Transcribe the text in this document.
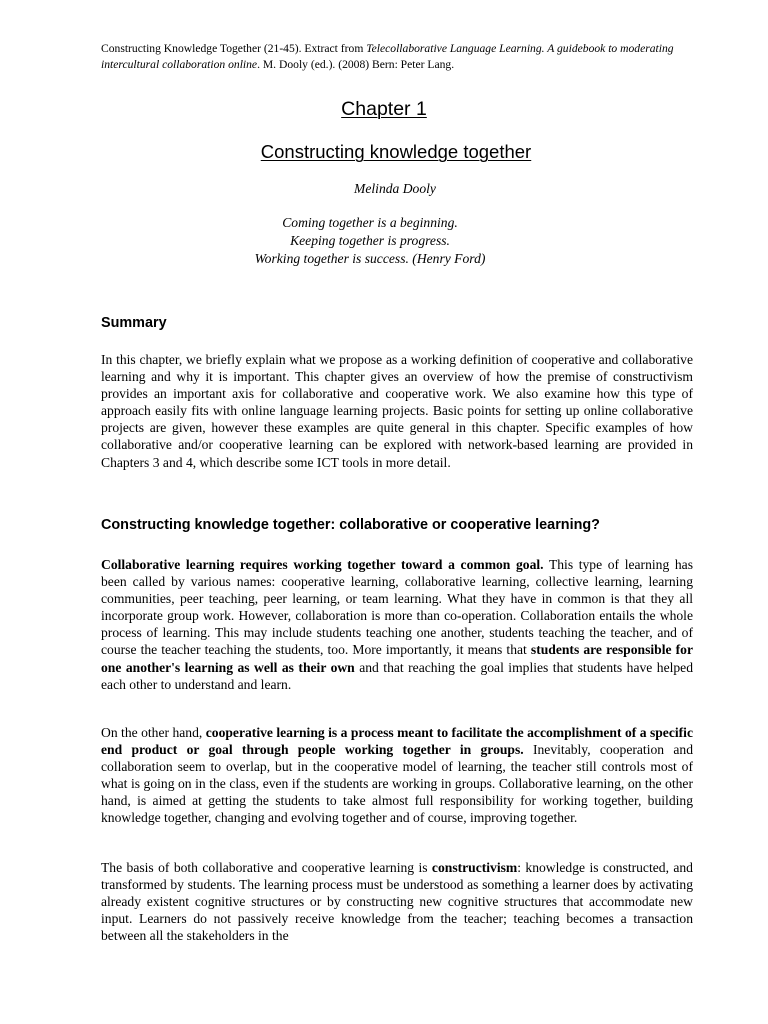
Constructing Knowledge Together (21-45). Extract from Telecollaborative Language Learning. A guidebook to moderating intercultural collaboration online. M. Dooly (ed.). (2008) Bern: Peter Lang.
Chapter 1
Constructing knowledge together
Melinda Dooly
Coming together is a beginning.
Keeping together is progress.
Working together is success. (Henry Ford)
Summary
In this chapter, we briefly explain what we propose as a working definition of cooperative and collaborative learning and why it is important. This chapter gives an overview of how the premise of constructivism provides an important axis for collaborative and cooperative work. We also examine how this type of approach easily fits with online language learning projects. Basic points for setting up online collaborative projects are given, however these examples are quite general in this chapter. Specific examples of how collaborative and/or cooperative learning can be explored with network-based learning are provided in Chapters 3 and 4, which describe some ICT tools in more detail.
Constructing knowledge together: collaborative or cooperative learning?
Collaborative learning requires working together toward a common goal. This type of learning has been called by various names: cooperative learning, collaborative learning, collective learning, learning communities, peer teaching, peer learning, or team learning. What they have in common is that they all incorporate group work. However, collaboration is more than co-operation. Collaboration entails the whole process of learning. This may include students teaching one another, students teaching the teacher, and of course the teacher teaching the students, too. More importantly, it means that students are responsible for one another's learning as well as their own and that reaching the goal implies that students have helped each other to understand and learn.
On the other hand, cooperative learning is a process meant to facilitate the accomplishment of a specific end product or goal through people working together in groups. Inevitably, cooperation and collaboration seem to overlap, but in the cooperative model of learning, the teacher still controls most of what is going on in the class, even if the students are working in groups. Collaborative learning, on the other hand, is aimed at getting the students to take almost full responsibility for working together, building knowledge together, changing and evolving together and of course, improving together.
The basis of both collaborative and cooperative learning is constructivism: knowledge is constructed, and transformed by students. The learning process must be understood as something a learner does by activating already existent cognitive structures or by constructing new cognitive structures that accommodate new input. Learners do not passively receive knowledge from the teacher; teaching becomes a transaction between all the stakeholders in the
